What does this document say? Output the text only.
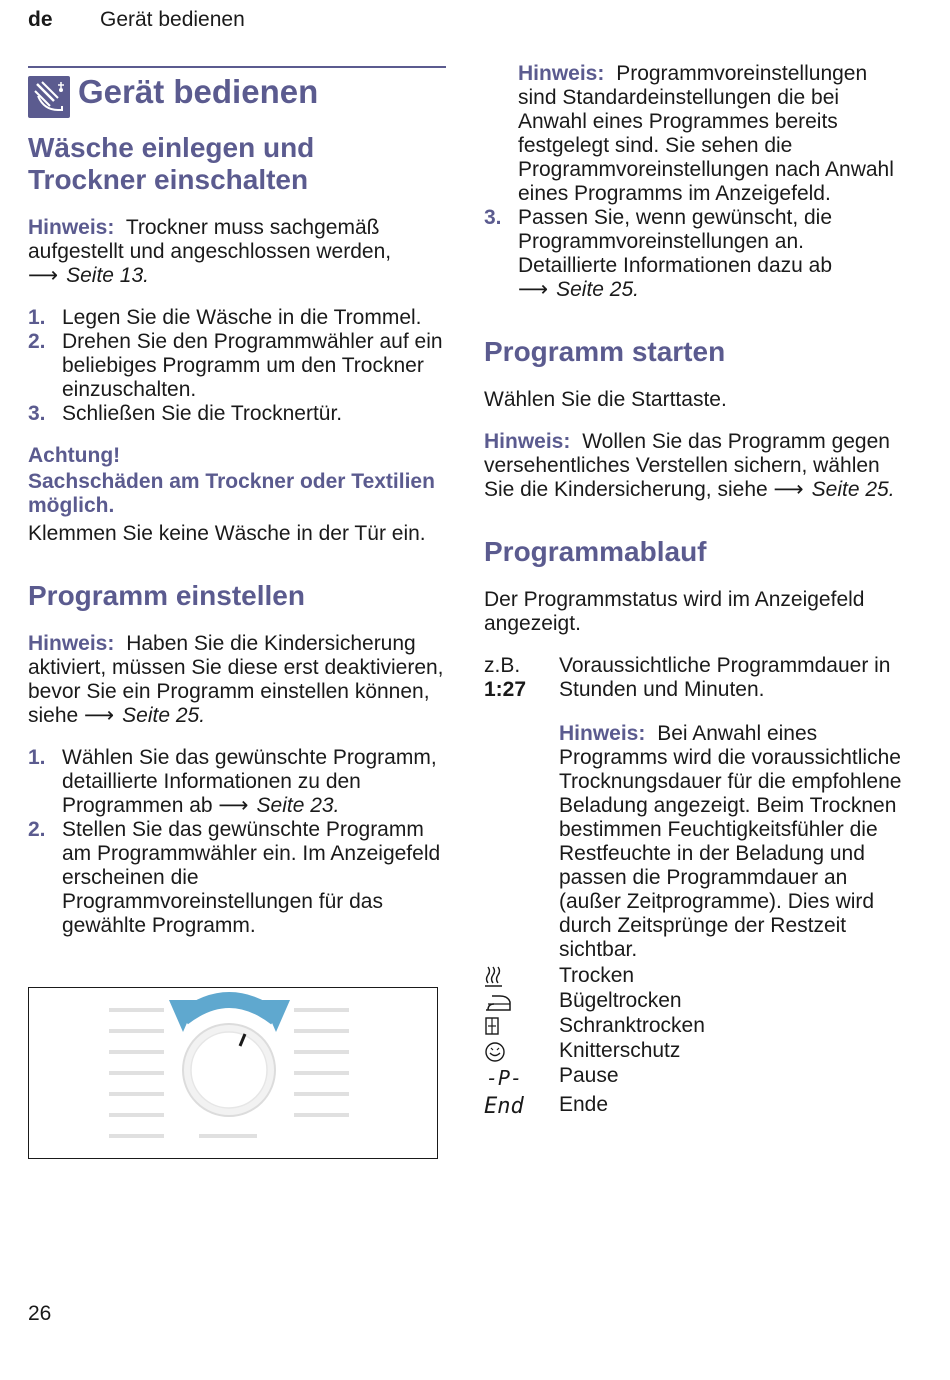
de Gerät bedienen
Gerät bedienen
Wäsche einlegen und
Trockner einschalten

Hinweis: Trockner muss sachgemäß aufgestellt und angeschlossen werden,
⟶ Seite 13.

1. Legen Sie die Wäsche in die Trommel.
2. Drehen Sie den Programmwähler auf ein beliebiges Programm um den Trockner einzuschalten.
3. Schließen Sie die Trocknertür.
Achtung!
Sachschäden am Trockner oder Textilien möglich.

Klemmen Sie keine Wäsche in der Tür ein.

Programm einstellen

Hinweis: Haben Sie die Kindersicherung aktiviert, müssen Sie diese erst deaktivieren, bevor Sie ein Programm einstellen können, siehe ⟶ Seite 25.

1. Wählen Sie das gewünschte Programm, detaillierte Informationen zu den Programmen ab ⟶ Seite 23.
2. Stellen Sie das gewünschte Programm am Programmwähler ein. Im Anzeigefeld erscheinen die Programmvoreinstellungen für das gewählte Programm.

Hinweis: Programmvoreinstellungen sind Standardeinstellungen die bei Anwahl eines Programmes bereits festgelegt sind. Sie sehen die Programmvoreinstellungen nach Anwahl eines Programms im Anzeigefeld.

3. Passen Sie, wenn gewünscht, die Programmvoreinstellungen an. Detaillierte Informationen dazu ab
⟶ Seite 25.
Programm starten

Wählen Sie die Starttaste.

Hinweis: Wollen Sie das Programm gegen versehentliches Verstellen sichern, wählen Sie die Kindersicherung, siehe ⟶ Seite 25.

Programmablauf

Der Programmstatus wird im Anzeigefeld angezeigt.

z.B.
1:27
Voraussichtliche Programmdauer in Stunden und Minuten.

Hinweis: Bei Anwahl eines Programms wird die voraussichtliche Trocknungsdauer für die empfohlene Beladung angezeigt. Beim Trocknen bestimmen Feuchtigkeitsfühler die Restfeuchte in der Beladung und passen die Programmdauer an (außer Zeitprogramme). Dies wird durch Zeitsprünge der Restzeit sichtbar.

Trocken
Bügeltrocken
Schranktrocken
Knitterschutz
-P- Pause
End Ende
26
